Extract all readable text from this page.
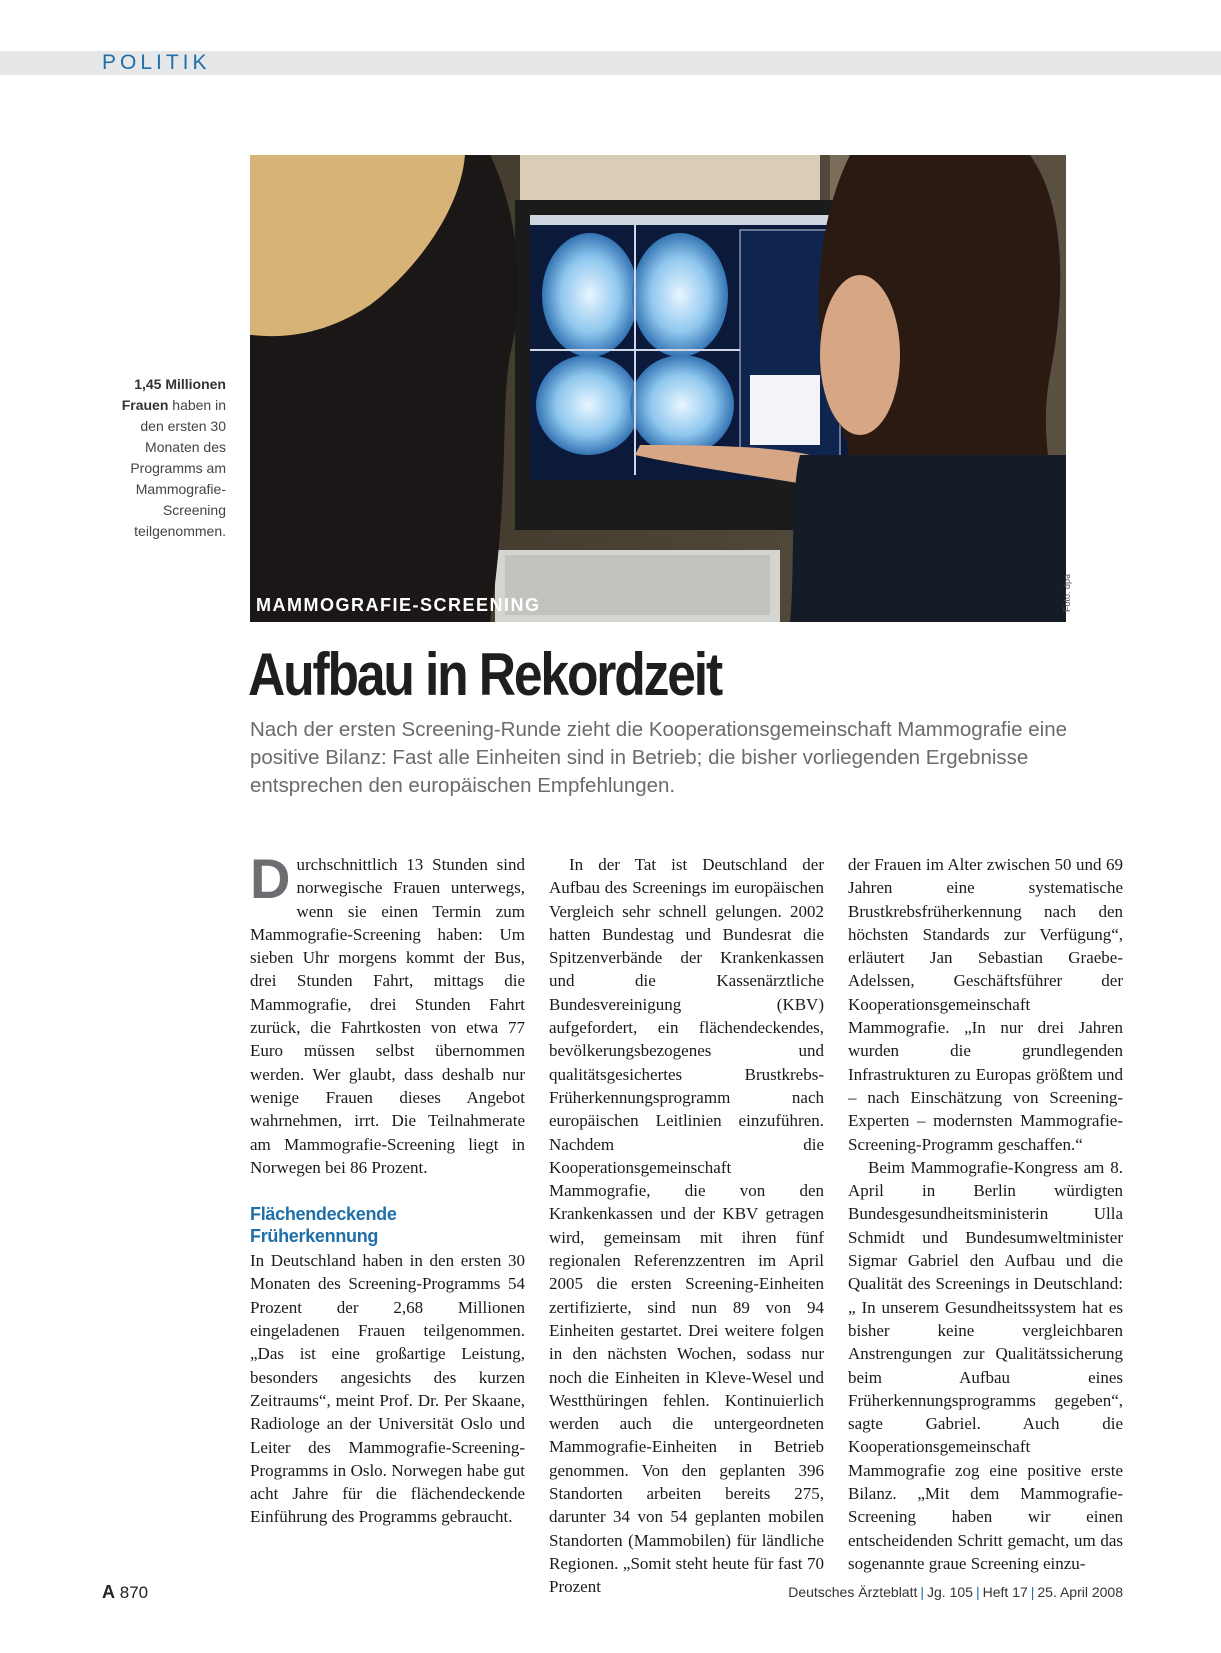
POLITIK
1,45 Millionen Frauen haben in den ersten 30 Monaten des Programms am Mammografie-Screening teilgenommen.
MAMMOGRAFIE-SCREENING	Foto: dpa
Aufbau in Rekordzeit
Nach der ersten Screening-Runde zieht die Kooperationsgemeinschaft Mammografie eine positive Bilanz: Fast alle Einheiten sind in Betrieb; die bisher vorliegenden Ergebnisse entsprechen den europäischen Empfehlungen.

Durchschnittlich 13 Stunden sind norwegische Frauen unterwegs, wenn sie einen Termin zum Mammografie-Screening haben: Um sieben Uhr morgens kommt der Bus, drei Stunden Fahrt, mittags die Mammografie, drei Stunden Fahrt zurück, die Fahrtkosten von etwa 77 Euro müssen selbst übernommen werden. Wer glaubt, dass deshalb nur wenige Frauen dieses Angebot wahrnehmen, irrt. Die Teilnahmerate am Mammografie-Screening liegt in Norwegen bei 86 Prozent.

Flächendeckende Früherkennung

In Deutschland haben in den ersten 30 Monaten des Screening-Programms 54 Prozent der 2,68 Millionen eingeladenen Frauen teilgenommen. „Das ist eine großartige Leistung, besonders angesichts des kurzen Zeitraums“, meint Prof. Dr. Per Skaane, Radiologe an der Universität Oslo und Leiter des Mammografie-Screening-Programms in Oslo. Norwegen habe gut acht Jahre für die flächendeckende Einführung des Programms gebraucht.

In der Tat ist Deutschland der Aufbau des Screenings im europäischen Vergleich sehr schnell gelungen. 2002 hatten Bundestag und Bundesrat die Spitzenverbände der Krankenkassen und die Kassenärztliche Bundesvereinigung (KBV) aufgefordert, ein flächendeckendes, bevölkerungsbezogenes und qualitätsgesichertes Brustkrebs-Früherkennungsprogramm nach europäischen Leitlinien einzuführen. Nachdem die Kooperationsgemeinschaft Mammografie, die von den Krankenkassen und der KBV getragen wird, gemeinsam mit ihren fünf regionalen Referenzzentren im April 2005 die ersten Screening-Einheiten zertifizierte, sind nun 89 von 94 Einheiten gestartet. Drei weitere folgen in den nächsten Wochen, sodass nur noch die Einheiten in Kleve-Wesel und Westthüringen fehlen. Kontinuierlich werden auch die untergeordneten Mammografie-Einheiten in Betrieb genommen. Von den geplanten 396 Standorten arbeiten bereits 275, darunter 34 von 54 geplanten mobilen Standorten (Mammobilen) für ländliche Regionen. „Somit steht heute für fast 70 Prozent

der Frauen im Alter zwischen 50 und 69 Jahren eine systematische Brustkrebsfrüherkennung nach den höchsten Standards zur Verfügung“, erläutert Jan Sebastian Graebe-Adelssen, Geschäftsführer der Kooperationsgemeinschaft Mammografie. „In nur drei Jahren wurden die grundlegenden Infrastrukturen zu Europas größtem und – nach Einschätzung von Screening-Experten – modernsten Mammografie-Screening-Programm geschaffen.“

Beim Mammografie-Kongress am 8. April in Berlin würdigten Bundesgesundheitsministerin Ulla Schmidt und Bundesumweltminister Sigmar Gabriel den Aufbau und die Qualität des Screenings in Deutschland: „ In unserem Gesundheitssystem hat es bisher keine vergleichbaren Anstrengungen zur Qualitätssicherung beim Aufbau eines Früherkennungsprogramms gegeben“, sagte Gabriel. Auch die Kooperationsgemeinschaft Mammografie zog eine positive erste Bilanz. „Mit dem Mammografie-Screening haben wir einen entscheidenden Schritt gemacht, um das sogenannte graue Screening einzu-

A 870	Deutsches Ärzteblatt | Jg. 105 | Heft 17 | 25. April 2008
